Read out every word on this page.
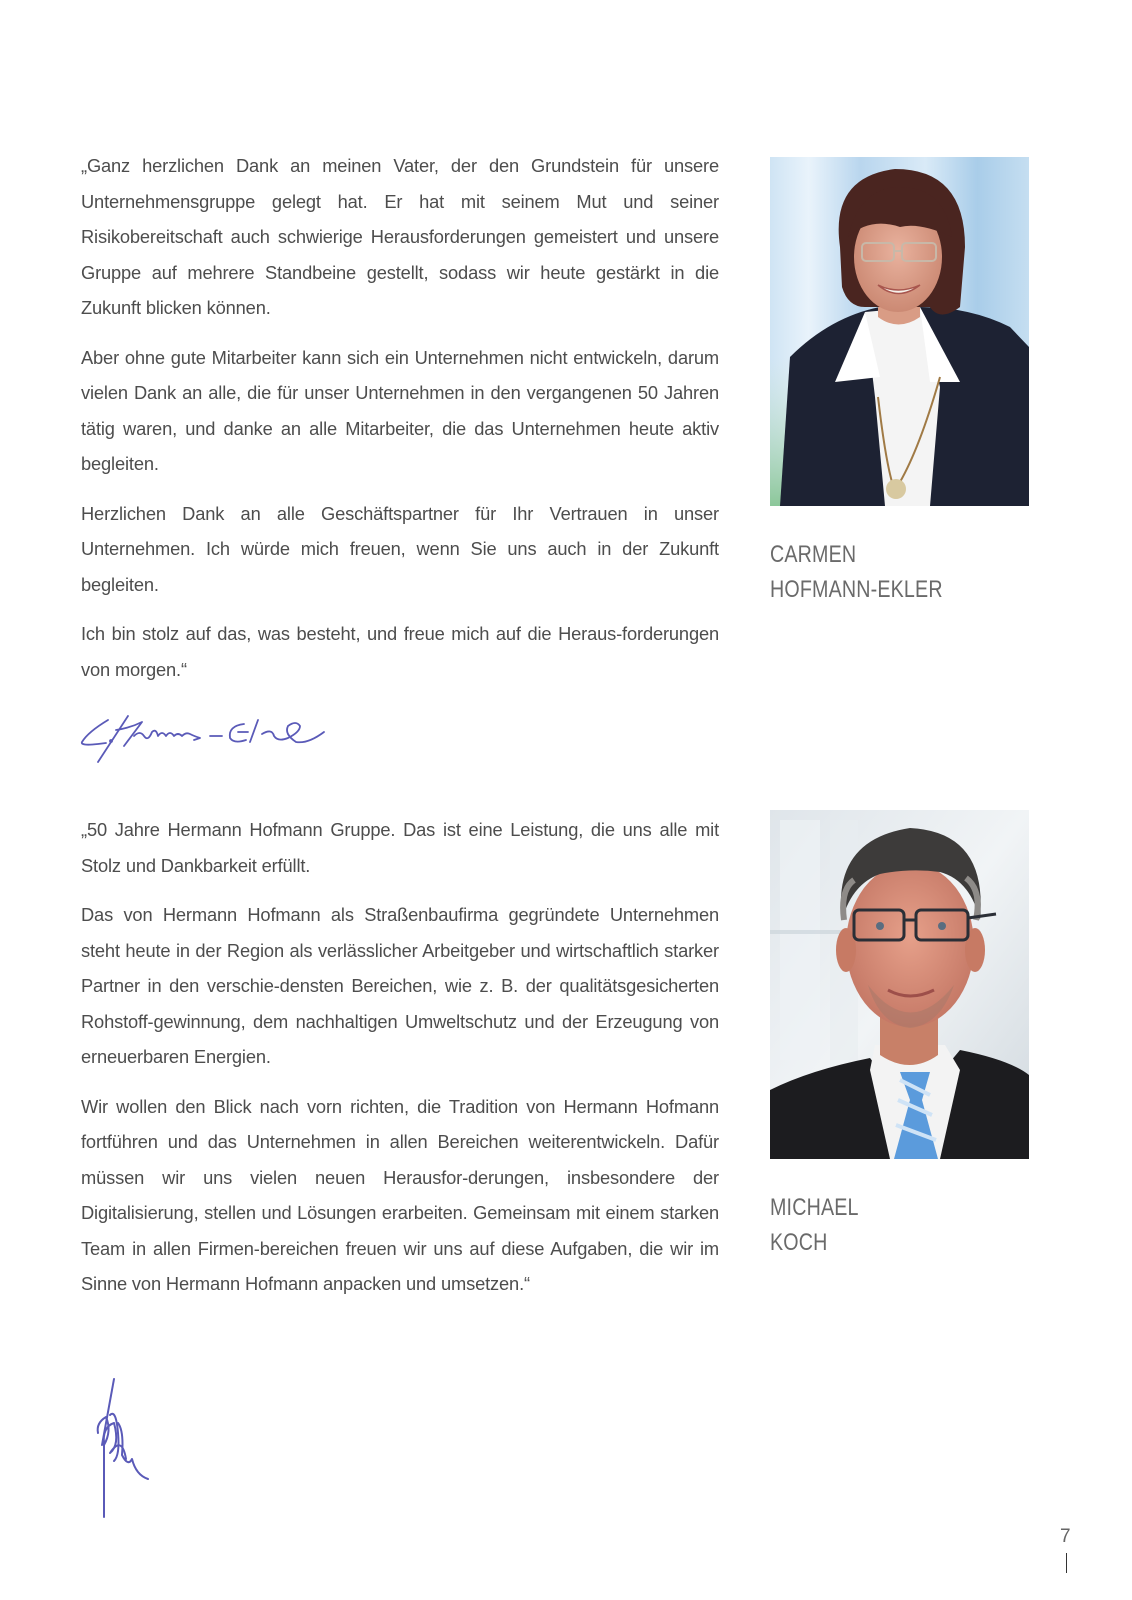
„Ganz herzlichen Dank an meinen Vater, der den Grundstein für unsere Unternehmensgruppe gelegt hat. Er hat mit seinem Mut und seiner Risikobereitschaft auch schwierige Herausforderungen gemeistert und unsere Gruppe auf mehrere Standbeine gestellt, sodass wir heute gestärkt in die Zukunft blicken können.

Aber ohne gute Mitarbeiter kann sich ein Unternehmen nicht entwickeln, darum vielen Dank an alle, die für unser Unternehmen in den vergangenen 50 Jahren tätig waren, und danke an alle Mitarbeiter, die das Unternehmen heute aktiv begleiten.

Herzlichen Dank an alle Geschäftspartner für Ihr Vertrauen in unser Unternehmen. Ich würde mich freuen, wenn Sie uns auch in der Zukunft begleiten.

Ich bin stolz auf das, was besteht, und freue mich auf die Heraus-forderungen von morgen.“

CARMEN
HOFMANN-EKLER

„50 Jahre Hermann Hofmann Gruppe. Das ist eine Leistung, die uns alle mit Stolz und Dankbarkeit erfüllt.

Das von Hermann Hofmann als Straßenbaufirma gegründete Unternehmen steht heute in der Region als verlässlicher Arbeitgeber und wirtschaftlich starker Partner in den verschie-densten Bereichen, wie z. B. der qualitätsgesicherten Rohstoff-gewinnung, dem nachhaltigen Umweltschutz und der Erzeugung von erneuerbaren Energien.

Wir wollen den Blick nach vorn richten, die Tradition von Hermann Hofmann fortführen und das Unternehmen in allen Bereichen weiterentwickeln. Dafür müssen wir uns vielen neuen Herausfor-derungen, insbesondere der Digitalisierung, stellen und Lösungen erarbeiten. Gemeinsam mit einem starken Team in allen Firmen-bereichen freuen wir uns auf diese Aufgaben, die wir im Sinne von Hermann Hofmann anpacken und umsetzen.“

MICHAEL
KOCH
7
